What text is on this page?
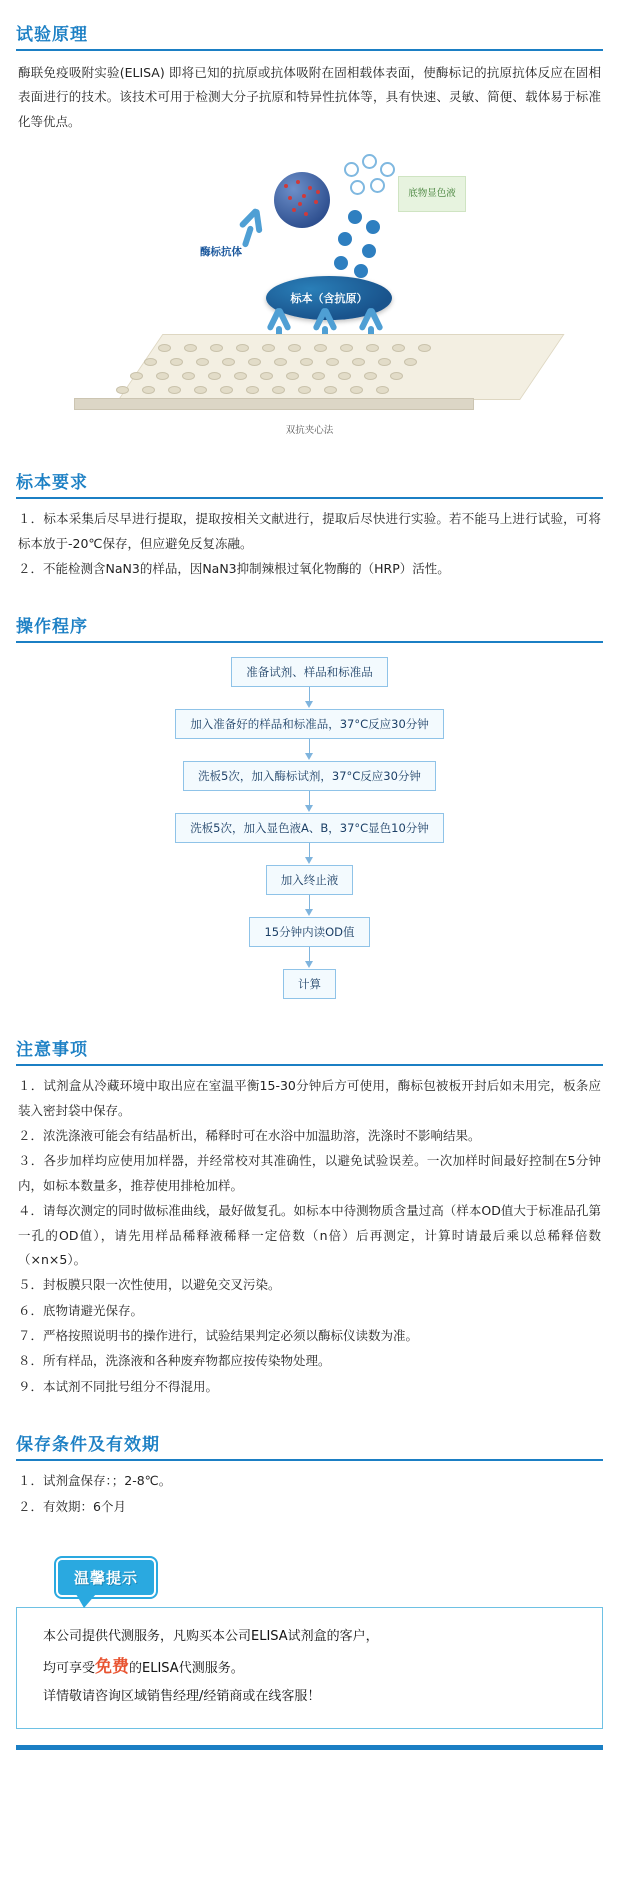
试验原理

酶联免疫吸附实验(ELISA) 即将已知的抗原或抗体吸附在固相载体表面，使酶标记的抗原抗体反应在固相表面进行的技术。该技术可用于检测大分子抗原和特异性抗体等，具有快速、灵敏、简便、载体易于标准化等优点。

底物显色液
酶标抗体
标本（含抗原）
双抗夹心法
标本要求
１．标本采集后尽早进行提取，提取按相关文献进行，提取后尽快进行实验。若不能马上进行试验，可将标本放于-20℃保存，但应避免反复冻融。
２．不能检测含NaN3的样品，因NaN3抑制辣根过氧化物酶的（HRP）活性。
操作程序
准备试剂、样品和标准品
加入准备好的样品和标准品，37°C反应30分钟
洗板5次，加入酶标试剂，37°C反应30分钟
洗板5次，加入显色液A、B，37°C显色10分钟
加入终止液
15分钟内读OD值
计算
注意事项
１．试剂盒从冷藏环境中取出应在室温平衡15-30分钟后方可使用，酶标包被板开封后如未用完，板条应装入密封袋中保存。
２．浓洗涤液可能会有结晶析出，稀释时可在水浴中加温助溶，洗涤时不影响结果。
３．各步加样均应使用加样器，并经常校对其准确性，以避免试验误差。一次加样时间最好控制在5分钟内，如标本数量多，推荐使用排枪加样。
４．请每次测定的同时做标准曲线，最好做复孔。如标本中待测物质含量过高（样本OD值大于标准品孔第一孔的OD值），请先用样品稀释液稀释一定倍数（n倍）后再测定，计算时请最后乘以总稀释倍数（×n×5）。
５．封板膜只限一次性使用，以避免交叉污染。
６．底物请避光保存。
７．严格按照说明书的操作进行，试验结果判定必须以酶标仪读数为准。
８．所有样品，洗涤液和各种废弃物都应按传染物处理。
９．本试剂不同批号组分不得混用。
保存条件及有效期
１．试剂盒保存：；2-8℃。
２．有效期：6个月
温馨提示
本公司提供代测服务，凡购买本公司ELISA试剂盒的客户，
均可享受免费的ELISA代测服务。
详情敬请咨询区域销售经理/经销商或在线客服！
